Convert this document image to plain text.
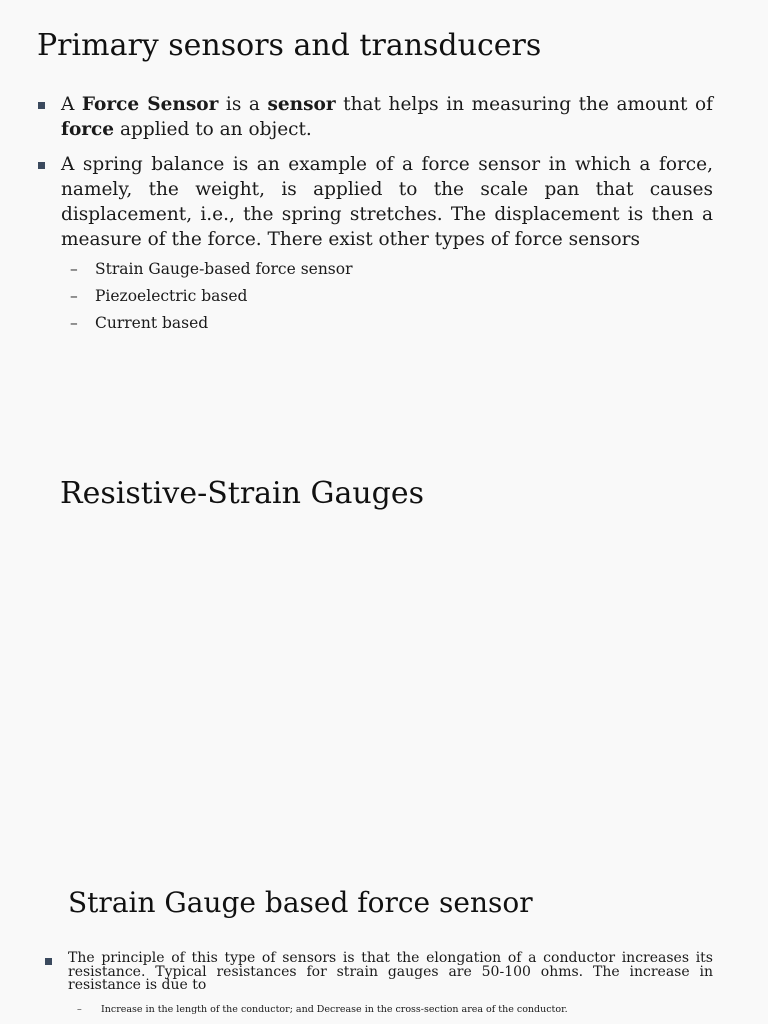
Primary sensors and transducers
A Force Sensor is a sensor that helps in measuring the amount of force applied to an object.
A spring balance is an example of a force sensor in which a force, namely, the weight, is applied to the scale pan that causes displacement, i.e., the spring stretches. The displacement is then a measure of the force. There exist other types of force sensors
– Strain Gauge-based force sensor
– Piezoelectric based
– Current based
Resistive-Strain Gauges
Strain Gauge based force sensor
The principle of this type of sensors is that the elongation of a conductor increases its resistance. Typical resistances for strain gauges are 50-100 ohms. The increase in resistance is due to
– Increase in the length of the conductor; and Decrease in the cross-section area of the conductor.
